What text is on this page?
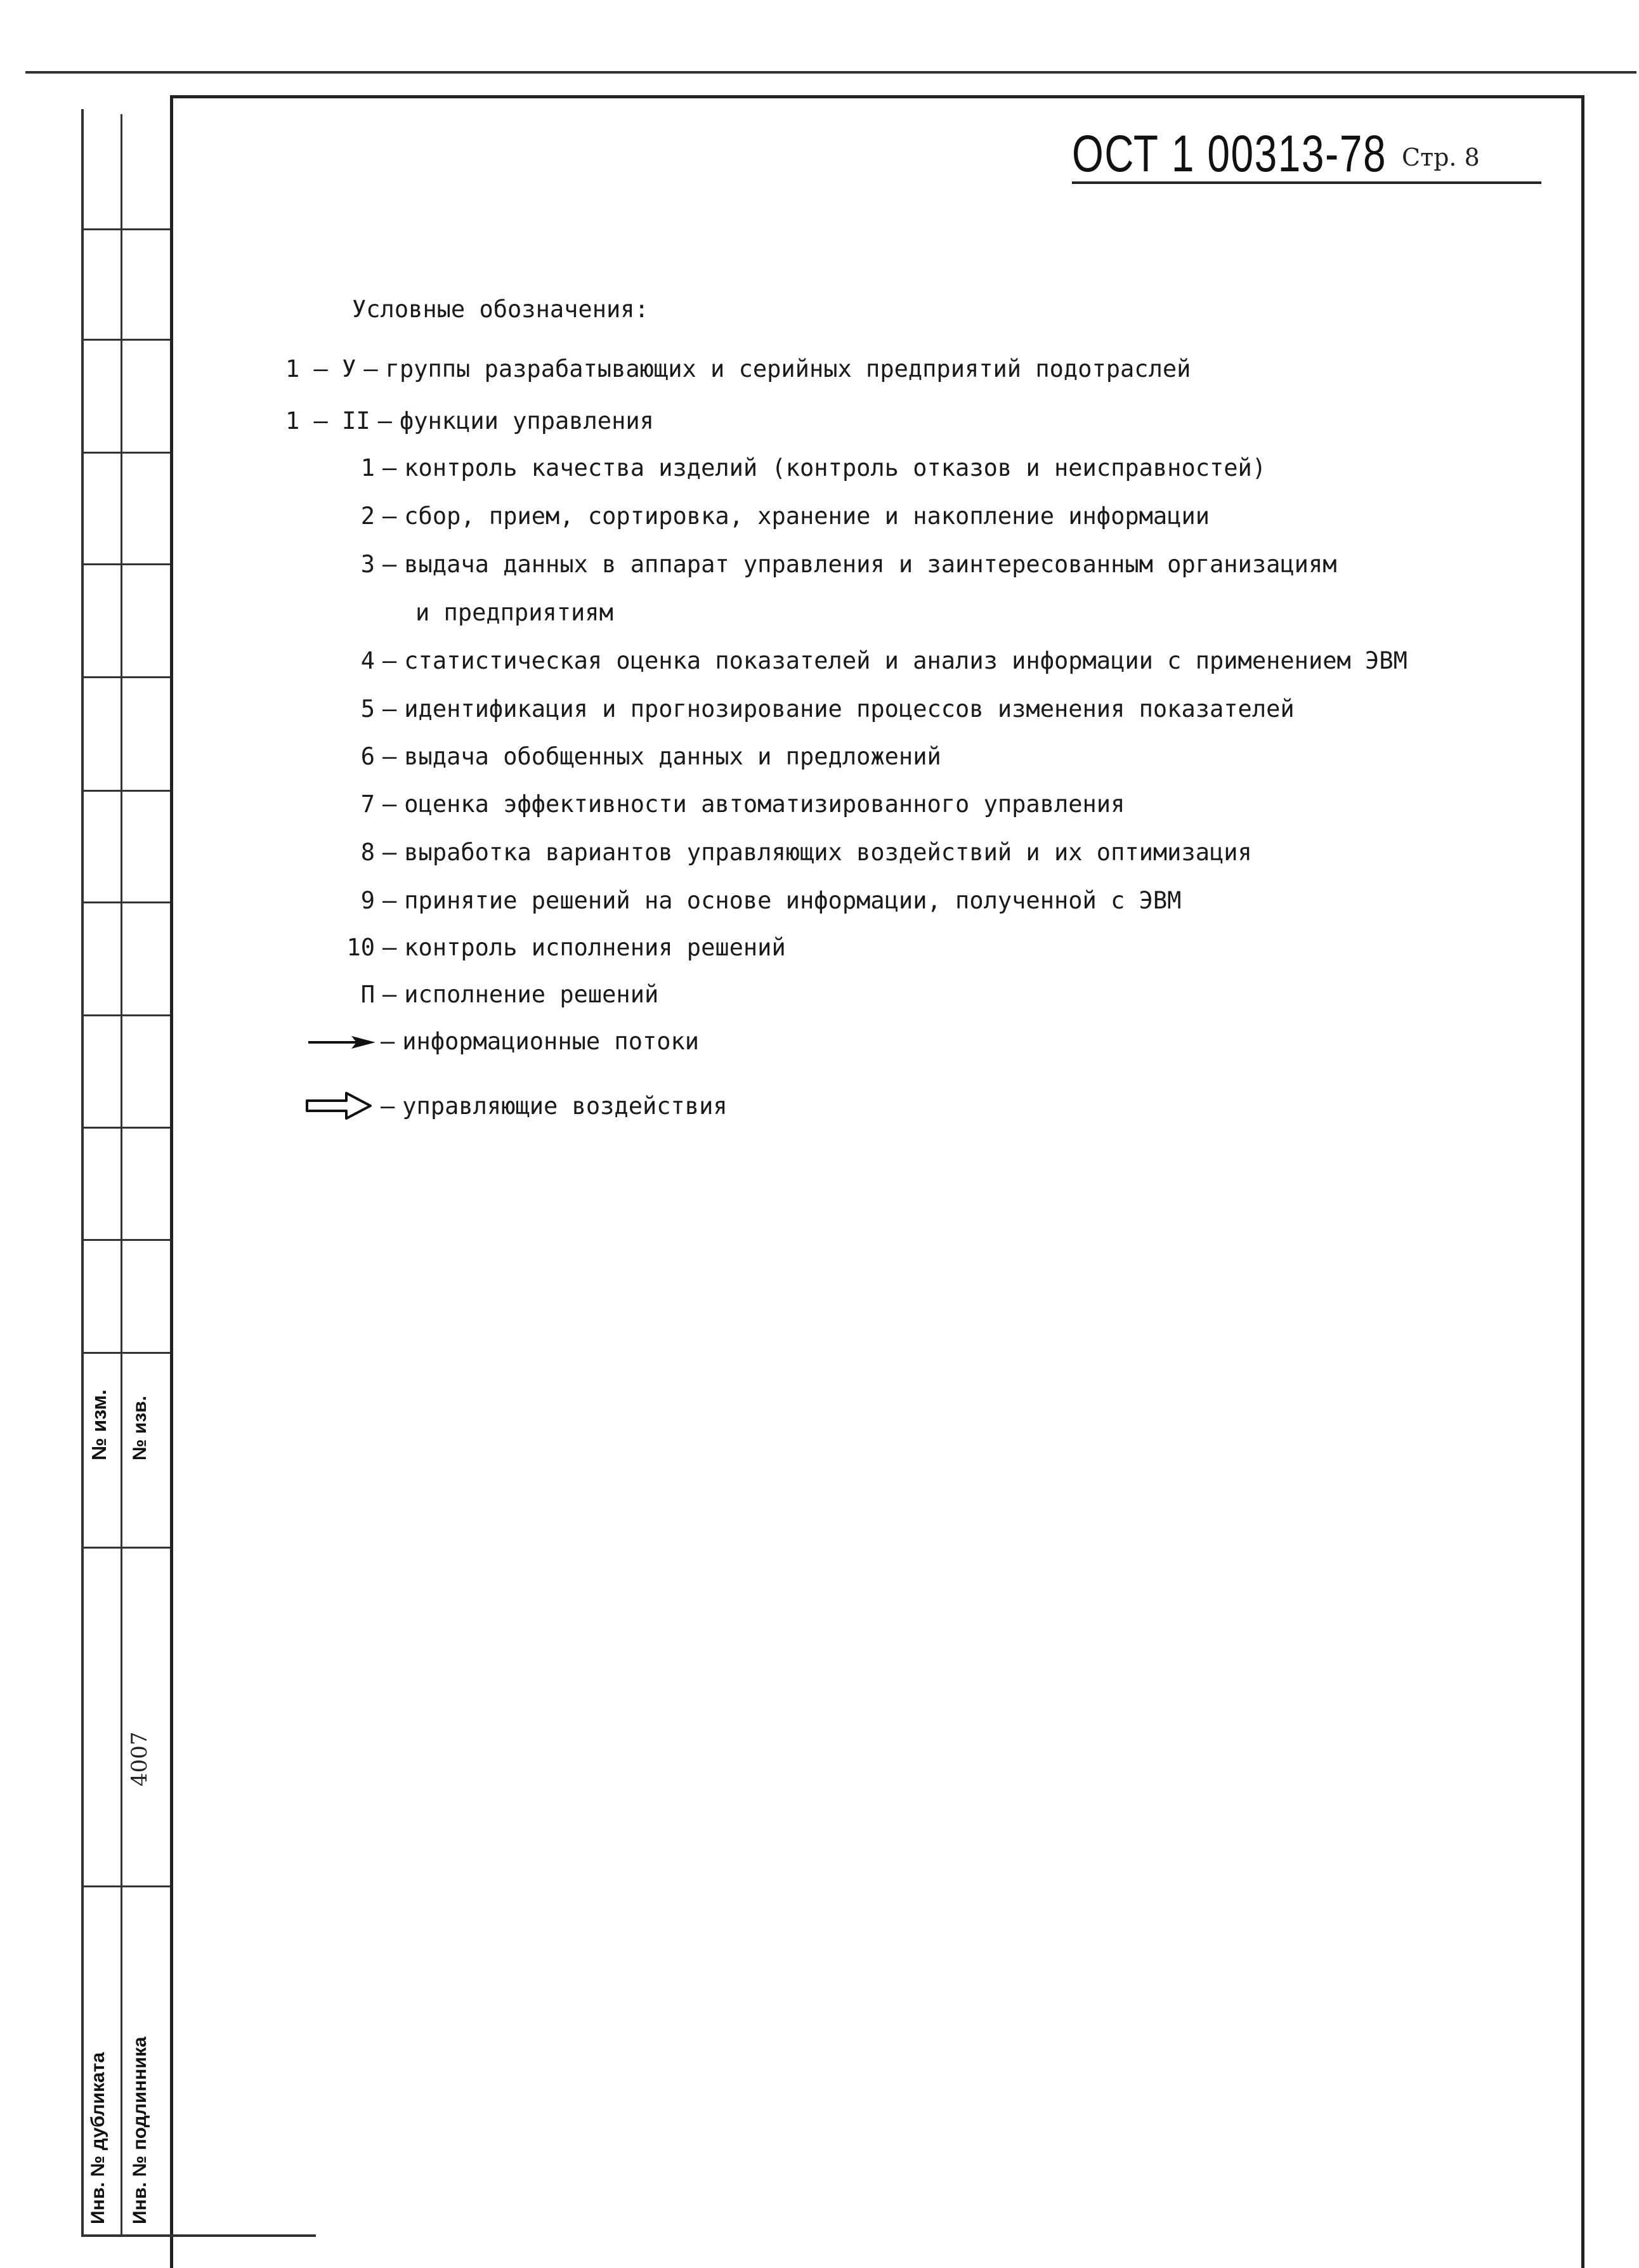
№ изм. № изв.
4007
Инв. № дубликата Инв. № подлинника
ОСТ 1 00313-78 Стр. 8
Условные обозначения:
1 – У – группы разрабатывающих и серийных предприятий подотраслей
1 – II – функции управления
1 – контроль качества изделий (контроль отказов и неисправностей)
2 – сбор, прием, сортировка, хранение и накопление информации
3 – выдача данных в аппарат управления и заинтересованным организациям
и предприятиям
4 – статистическая оценка показателей и анализ информации с применением ЭВМ
5 – идентификация и прогнозирование процессов изменения показателей
6 – выдача обобщенных данных и предложений
7 – оценка эффективности автоматизированного управления
8 – выработка вариантов управляющих воздействий и их оптимизация
9 – принятие решений на основе информации, полученной с ЭВМ
10 – контроль исполнения решений
П – исполнение решений
– информационные потоки
– управляющие воздействия
